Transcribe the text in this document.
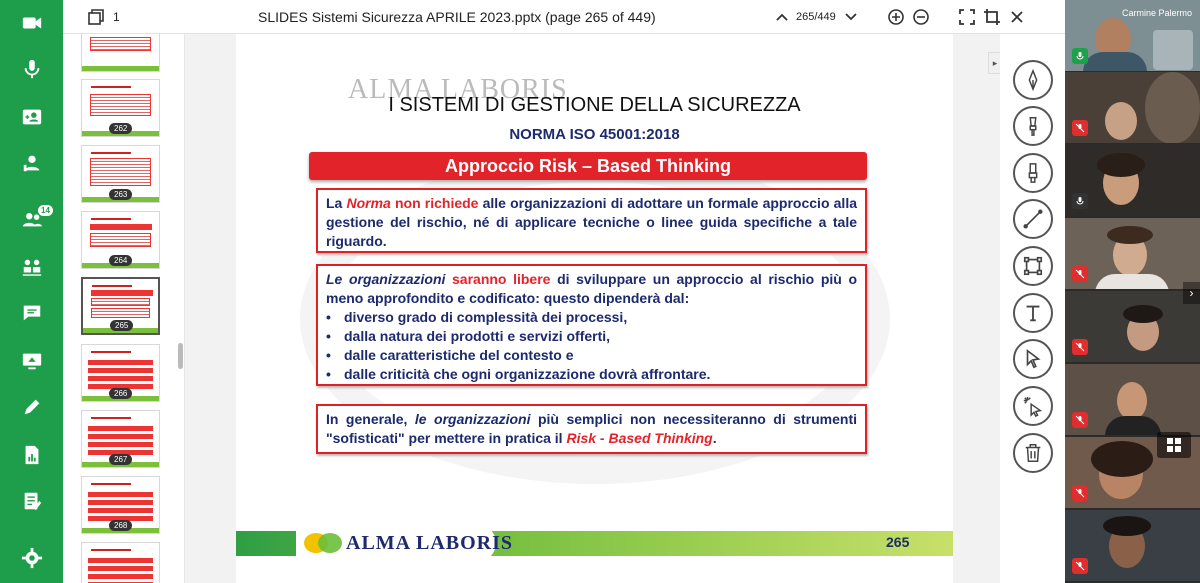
14
1	SLIDES Sistemi Sicurezza APRILE 2023.pptx (page 265 of 449)	265/449
262
263
264
265
266
267
268
ALMA LABORIS
I SISTEMI DI GESTIONE DELLA SICUREZZA
NORMA ISO 45001:2018
Approccio Risk – Based Thinking
La Norma non richiede alle organizzazioni di adottare un formale approccio alla gestione del rischio, né di applicare tecniche o linee guida specifiche a tale riguardo.
Le organizzazioni saranno libere di sviluppare un approccio al rischio più o meno approfondito e codificato: questo dipenderà dal:
• diverso grado di complessità dei processi,
• dalla natura dei prodotti e servizi offerti,
• dalle caratteristiche del contesto e
• dalle criticità che ogni organizzazione dovrà affrontare.
In generale, le organizzazioni più semplici non necessiteranno di strumenti "sofisticati" per mettere in pratica il Risk - Based Thinking.
ALMA LABORIS	265
▸
Carmine Palermo
›
